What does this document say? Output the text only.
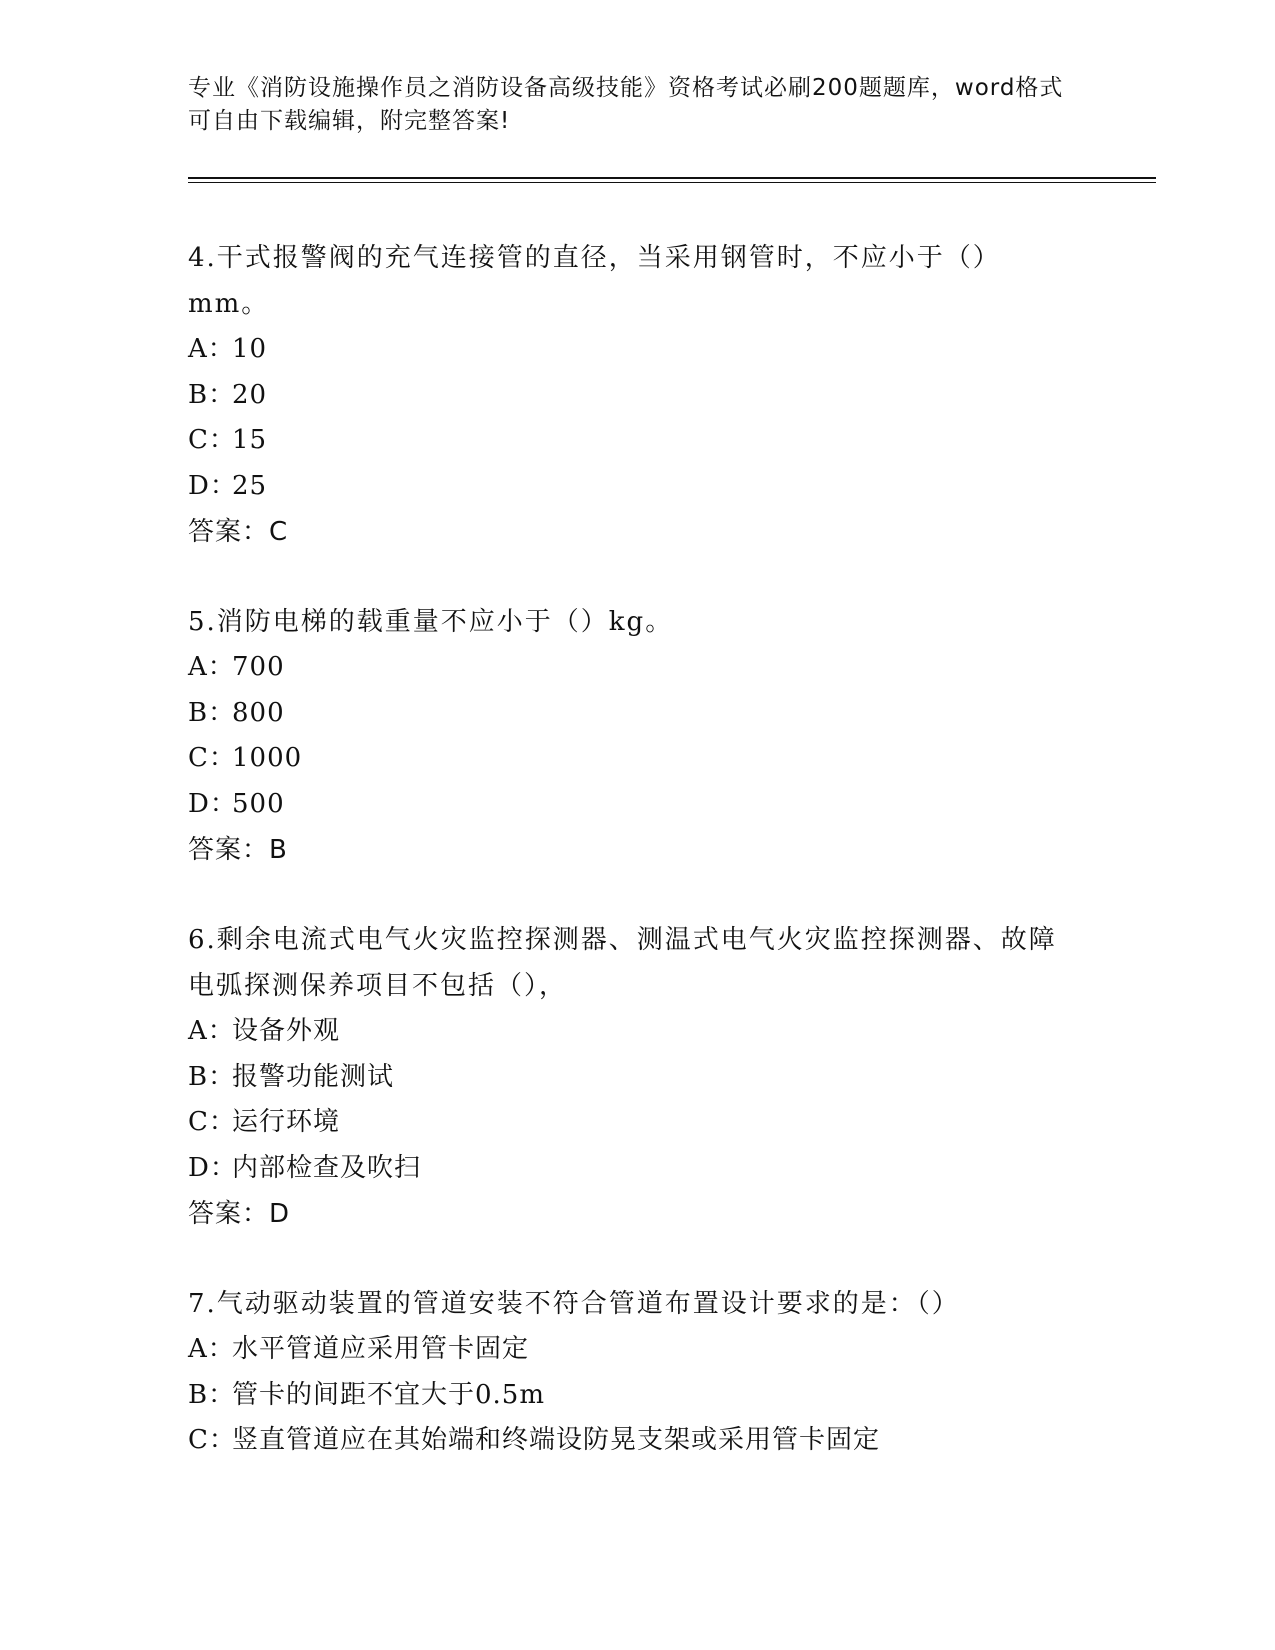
专业《消防设施操作员之消防设备高级技能》资格考试必刷200题题库，word格式可自由下载编辑，附完整答案!

4.干式报警阀的充气连接管的直径，当采用钢管时，不应小于（）mm。

A：10

B：20

C：15

D：25

答案：C

5.消防电梯的载重量不应小于（）kg。

A：700

B：800

C：1000

D：500

答案：B

6.剩余电流式电气火灾监控探测器、测温式电气火灾监控探测器、故障电弧探测保养项目不包括（），

A：设备外观

B：报警功能测试

C：运行环境

D：内部检查及吹扫

答案：D

7.气动驱动装置的管道安装不符合管道布置设计要求的是：（）

A：水平管道应采用管卡固定

B：管卡的间距不宜大于0.5m

C：竖直管道应在其始端和终端设防晃支架或采用管卡固定
